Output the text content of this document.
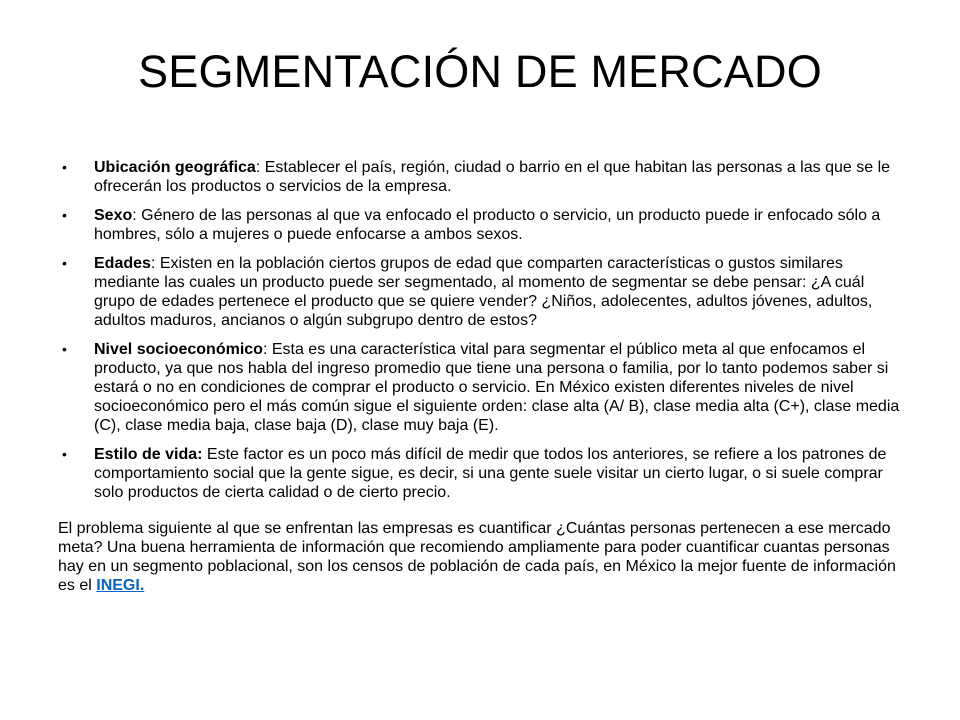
SEGMENTACIÓN DE MERCADO
• Ubicación geográfica: Establecer el país, región, ciudad o barrio en el que habitan las personas a las que se le ofrecerán los productos o servicios de la empresa.
• Sexo: Género de las personas al que va enfocado el producto o servicio, un producto puede ir enfocado sólo a hombres, sólo a mujeres o puede enfocarse a ambos sexos.
• Edades: Existen en la población ciertos grupos de edad que comparten características o gustos similares mediante las cuales un producto puede ser segmentado, al momento de segmentar se debe pensar: ¿A cuál grupo de edades pertenece el producto que se quiere vender? ¿Niños, adolecentes, adultos jóvenes, adultos, adultos maduros, ancianos o algún subgrupo dentro de estos?
• Nivel socioeconómico: Esta es una característica vital para segmentar el público meta al que enfocamos el producto, ya que nos habla del ingreso promedio que tiene una persona o familia, por lo tanto podemos saber si estará o no en condiciones de comprar el producto o servicio. En México existen diferentes niveles de nivel socioeconómico pero el más común sigue el siguiente orden: clase alta (A/ B), clase media alta (C+), clase media (C), clase media baja, clase baja (D), clase muy baja (E).
• Estilo de vida: Este factor es un poco más difícil de medir que todos los anteriores, se refiere a los patrones de comportamiento social que la gente sigue, es decir, si una gente suele visitar un cierto lugar, o si suele comprar solo productos de cierta calidad o de cierto precio.

El problema siguiente al que se enfrentan las empresas es cuantificar ¿Cuántas personas pertenecen a ese mercado meta? Una buena herramienta de información que recomiendo ampliamente para poder cuantificar cuantas personas hay en un segmento poblacional, son los censos de población de cada país, en México la mejor fuente de información es el INEGI.
